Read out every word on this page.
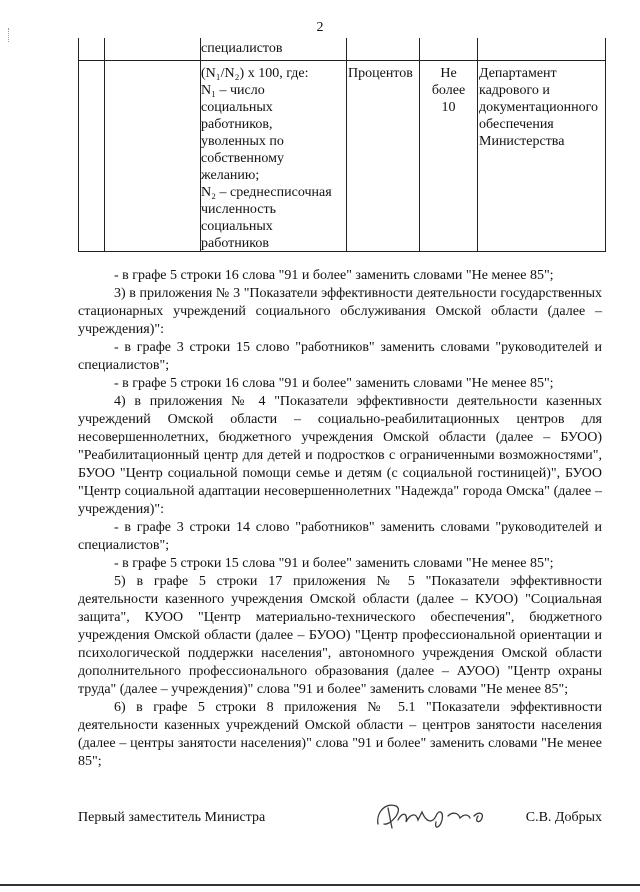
2
специалистов
(N₁/N₂) x 100, где:
N₁ – число
социальных
работников,
уволенных по
собственному
желанию;
N₂ – среднесписочная
численность
социальных
работников
Процентов	Не
более
10
Департамент
кадрового и
документационного
обеспечения
Министерства

- в графе 5 строки 16 слова "91 и более" заменить словами "Не менее 85";

3) в приложения № 3 "Показатели эффективности деятельности государственных стационарных учреждений социального обслуживания Омской области (далее – учреждения)":

- в графе 3 строки 15 слово "работников" заменить словами "руководителей и специалистов";

- в графе 5 строки 16 слова "91 и более" заменить словами "Не менее 85";

4) в приложения № 4 "Показатели эффективности деятельности казенных учреждений Омской области – социально-реабилитационных центров для несовершеннолетних, бюджетного учреждения Омской области (далее – БУОО) "Реабилитационный центр для детей и подростков с ограниченными возможностями", БУОО "Центр социальной помощи семье и детям (с социальной гостиницей)", БУОО "Центр социальной адаптации несовершеннолетних "Надежда" города Омска" (далее – учреждения)":

- в графе 3 строки 14 слово "работников" заменить словами "руководителей и специалистов";

- в графе 5 строки 15 слова "91 и более" заменить словами "Не менее 85";

5) в графе 5 строки 17 приложения № 5 "Показатели эффективности деятельности казенного учреждения Омской области (далее – КУОО) "Социальная защита", КУОО "Центр материально-технического обеспечения", бюджетного учреждения Омской области (далее – БУОО) "Центр профессиональной ориентации и психологической поддержки населения", автономного учреждения Омской области дополнительного профессионального образования (далее – АУОО) "Центр охраны труда" (далее – учреждения)" слова "91 и более" заменить словами "Не менее 85";

6) в графе 5 строки 8 приложения № 5.1 "Показатели эффективности деятельности казенных учреждений Омской области – центров занятости населения (далее – центры занятости населения)" слова "91 и более" заменить словами "Не менее 85";

Первый заместитель Министра	С.В. Добрых
